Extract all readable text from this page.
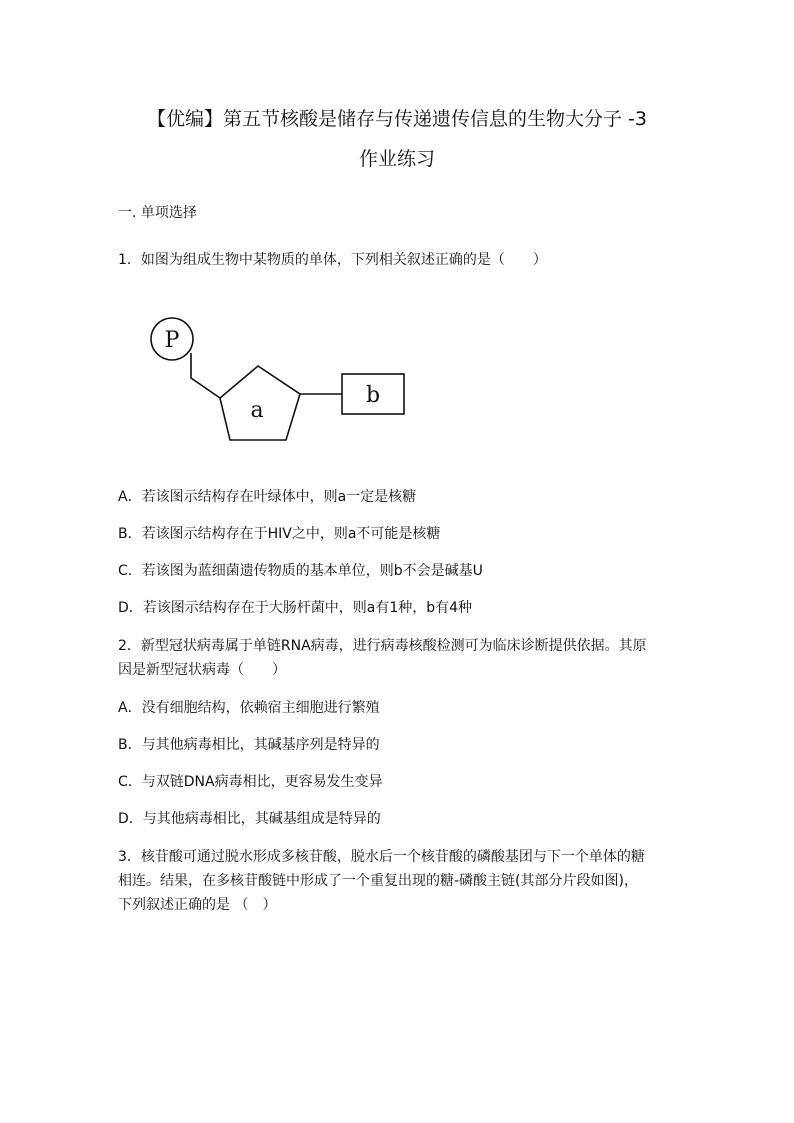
【优编】第五节核酸是储存与传递遗传信息的生物大分子 -3
作业练习
一. 单项选择
1．如图为组成生物中某物质的单体，下列相关叙述正确的是（　　）
P
a
b
A．若该图示结构存在叶绿体中，则a一定是核糖
B．若该图示结构存在于HIV之中，则a不可能是核糖
C．若该图为蓝细菌遗传物质的基本单位，则b不会是碱基U
D．若该图示结构存在于大肠杆菌中，则a有1种，b有4种
2．新型冠状病毒属于单链RNA病毒，进行病毒核酸检测可为临床诊断提供依据。其原
因是新型冠状病毒（　　）
A．没有细胞结构，依赖宿主细胞进行繁殖
B．与其他病毒相比，其碱基序列是特异的
C．与双链DNA病毒相比，更容易发生变异
D．与其他病毒相比，其碱基组成是特异的
3．核苷酸可通过脱水形成多核苷酸，脱水后一个核苷酸的磷酸基团与下一个单体的糖
相连。结果，在多核苷酸链中形成了一个重复出现的糖-磷酸主链(其部分片段如图)，
下列叙述正确的是 （　）
